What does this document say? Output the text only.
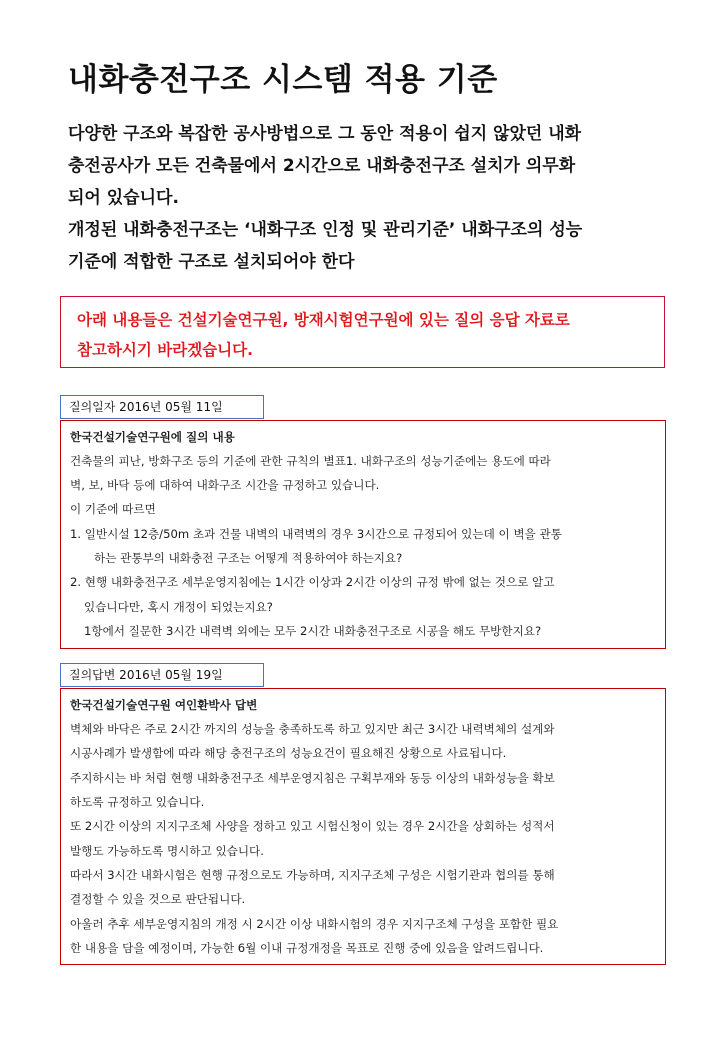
내화충전구조 시스템 적용 기준
다양한 구조와 복잡한 공사방법으로 그 동안 적용이 쉽지 않았던 내화
충전공사가 모든 건축물에서 2시간으로 내화충전구조 설치가 의무화
되어 있습니다.
개정된 내화충전구조는 ‘내화구조 인정 및 관리기준’ 내화구조의 성능
기준에 적합한 구조로 설치되어야 한다
아래 내용들은 건설기술연구원, 방재시험연구원에 있는 질의 응답 자료로
참고하시기 바라겠습니다.
질의일자 2016년 05월 11일
한국건설기술연구원에 질의 내용
건축물의 피난, 방화구조 등의 기준에 관한 규칙의 별표1. 내화구조의 성능기준에는 용도에 따라
벽, 보, 바닥 등에 대하여 내화구조 시간을 규정하고 있습니다.
이 기준에 따르면
1. 일반시설 12층/50m 초과 건물 내벽의 내력벽의 경우 3시간으로 규정되어 있는데 이 벽을 관통
하는 관통부의 내화충전 구조는 어떻게 적용하여야 하는지요?
2. 현행 내화충전구조 세부운영지침에는 1시간 이상과 2시간 이상의 규정 밖에 없는 것으로 알고
있습니다만, 혹시 개정이 되었는지요?
1항에서 질문한 3시간 내력벽 외에는 모두 2시간 내화충전구조로 시공을 해도 무방한지요?
질의답변 2016년 05월 19일
한국건설기술연구원 여인환박사 답변
벽체와 바닥은 주로 2시간 까지의 성능을 충족하도록 하고 있지만 최근 3시간 내력벽체의 설계와
시공사례가 발생함에 따라 해당 충전구조의 성능요건이 필요해진 상황으로 사료됩니다.
주지하시는 바 처럼 현행 내화충전구조 세부운영지침은 구획부재와 동등 이상의 내화성능을 확보
하도록 규정하고 있습니다.
또 2시간 이상의 지지구조체 사양을 정하고 있고 시험신청이 있는 경우 2시간을 상회하는 성적서
발행도 가능하도록 명시하고 있습니다.
따라서 3시간 내화시험은 현행 규정으로도 가능하며, 지지구조체 구성은 시험기관과 협의를 통해
결정할 수 있을 것으로 판단됩니다.
아울러 추후 세부운영지침의 개정 시 2시간 이상 내화시험의 경우 지지구조체 구성을 포함한 필요
한 내용을 담을 예정이며, 가능한 6월 이내 규정개정을 목표로 진행 중에 있음을 알려드립니다.
